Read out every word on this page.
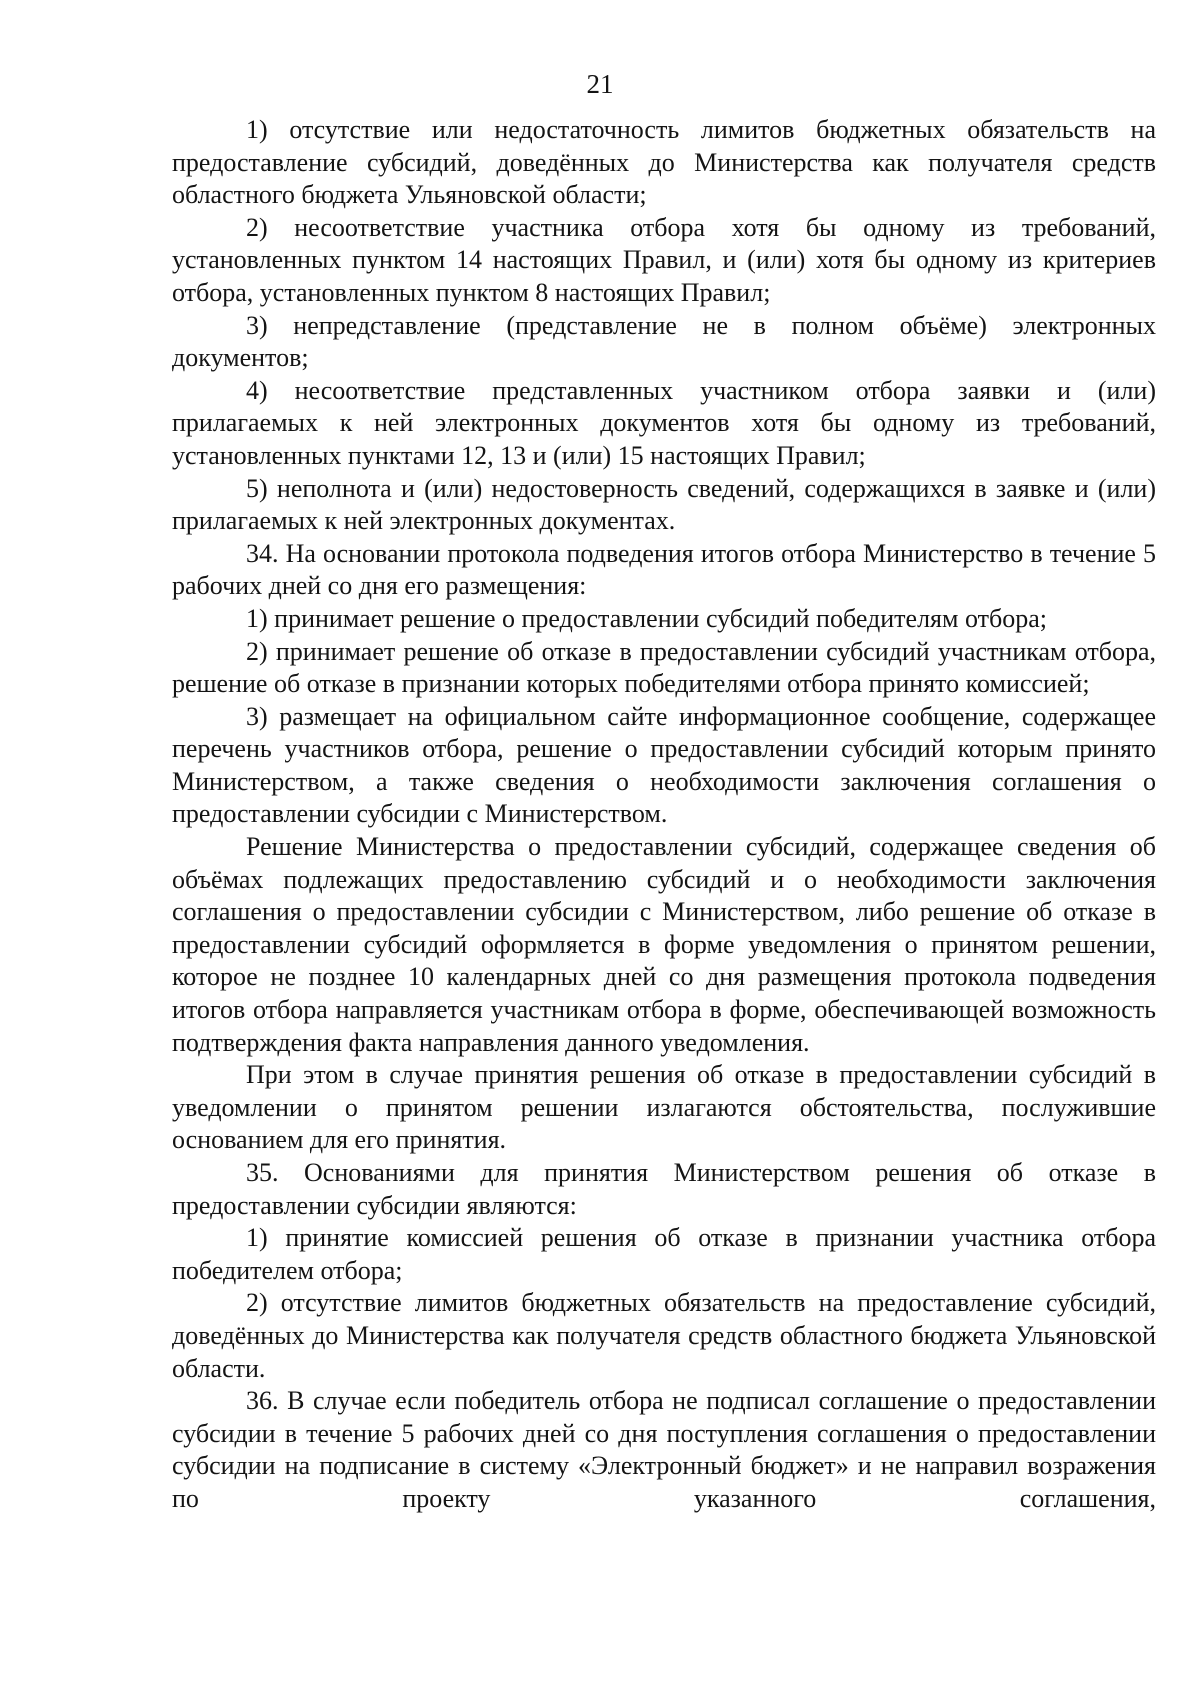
21

1) отсутствие или недостаточность лимитов бюджетных обязательств на предоставление субсидий, доведённых до Министерства как получателя средств областного бюджета Ульяновской области;

2) несоответствие участника отбора хотя бы одному из требований, установленных пунктом 14 настоящих Правил, и (или) хотя бы одному из критериев отбора, установленных пунктом 8 настоящих Правил;

3) непредставление (представление не в полном объёме) электронных документов;

4) несоответствие представленных участником отбора заявки и (или) прилагаемых к ней электронных документов хотя бы одному из требований, установленных пунктами 12, 13 и (или) 15 настоящих Правил;

5) неполнота и (или) недостоверность сведений, содержащихся в заявке и (или) прилагаемых к ней электронных документах.

34. На основании протокола подведения итогов отбора Министерство в течение 5 рабочих дней со дня его размещения:

1) принимает решение о предоставлении субсидий победителям отбора;

2) принимает решение об отказе в предоставлении субсидий участникам отбора, решение об отказе в признании которых победителями отбора принято комиссией;

3) размещает на официальном сайте информационное сообщение, содержащее перечень участников отбора, решение о предоставлении субсидий которым принято Министерством, а также сведения о необходимости заключения соглашения о предоставлении субсидии с Министерством.

Решение Министерства о предоставлении субсидий, содержащее сведения об объёмах подлежащих предоставлению субсидий и о необходимости заключения соглашения о предоставлении субсидии с Министерством, либо решение об отказе в предоставлении субсидий оформляется в форме уведомления о принятом решении, которое не позднее 10 календарных дней со дня размещения протокола подведения итогов отбора направляется участникам отбора в форме, обеспечивающей возможность подтверждения факта направления данного уведомления.

При этом в случае принятия решения об отказе в предоставлении субсидий в уведомлении о принятом решении излагаются обстоятельства, послужившие основанием для его принятия.

35. Основаниями для принятия Министерством решения об отказе в предоставлении субсидии являются:

1) принятие комиссией решения об отказе в признании участника отбора победителем отбора;

2) отсутствие лимитов бюджетных обязательств на предоставление субсидий, доведённых до Министерства как получателя средств областного бюджета Ульяновской области.

36. В случае если победитель отбора не подписал соглашение о предоставлении субсидии в течение 5 рабочих дней со дня поступления соглашения о предоставлении субсидии на подписание в систему «Электронный бюджет» и не направил возражения по проекту указанного соглашения,
